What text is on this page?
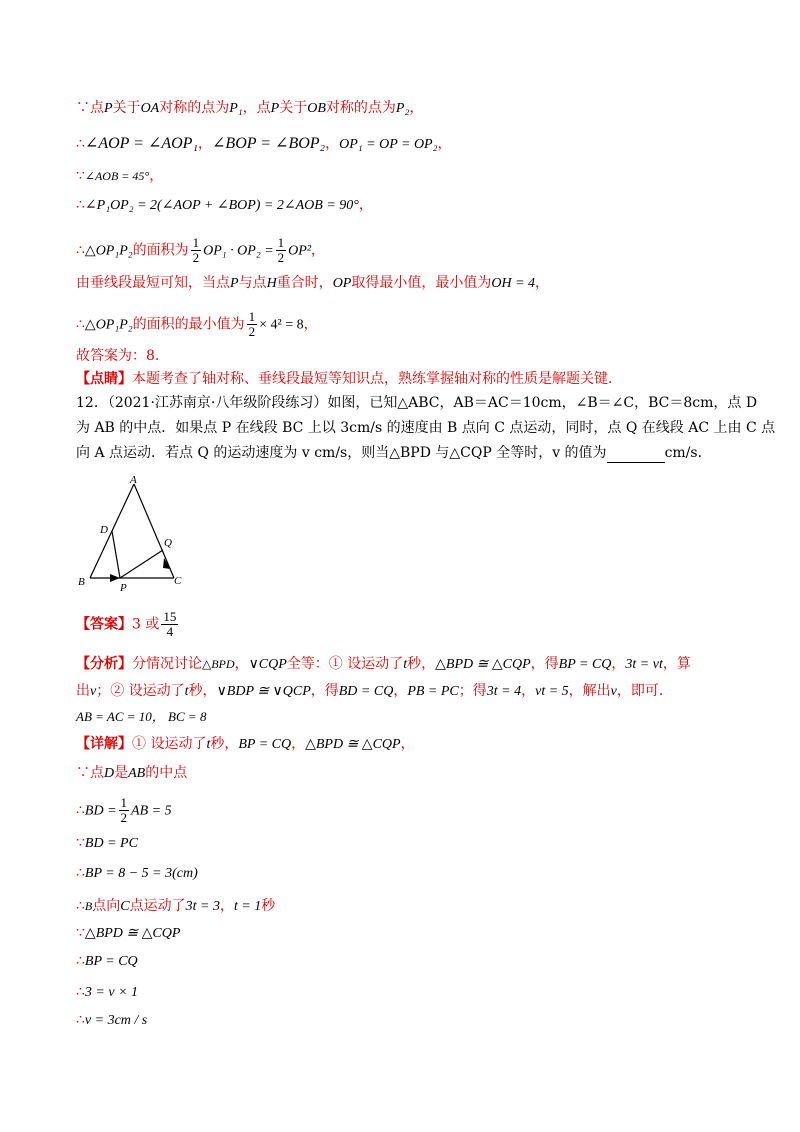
∵点P关于OA对称的点为P₁，点P关于OB对称的点为P₂，
∴∠AOP = ∠AOP₁，∠BOP = ∠BOP₂，OP₁ = OP = OP₂，
∵∠AOB = 45°，
∴∠P₁OP₂ = 2(∠AOP + ∠BOP) = 2∠AOB = 90°，
∴△OP₁P₂的面积为 $\frac{1}{2} OP_1 \cdot OP_2 = \frac{1}{2} OP^2$，
由垂线段最短可知，当点P与点H重合时，OP取得最小值，最小值为OH = 4，
∴△OP₁P₂的面积的最小值为 $\frac{1}{2} \times 4^2 = 8$，
故答案为：8.
【点睛】本题考查了轴对称、垂线段最短等知识点，熟练掌握轴对称的性质是解题关键．
12．（2021·江苏南京·八年级阶段练习）如图，已知△ABC，AB＝AC＝10cm，∠B＝∠C，BC＝8cm，点 D
为 AB 的中点．如果点 P 在线段 BC 上以 3cm/s 的速度由 B 点向 C 点运动，同时，点 Q 在线段 AC 上由 C 点
向 A 点运动．若点 Q 的运动速度为 v cm/s，则当△BPD 与△CQP 全等时，v 的值为	cm/s．
A
B	C
D
P
Q
【答案】3 或 $\frac{15}{4}$
【分析】分情况讨论△BPD，∨CQP全等：① 设运动了t秒，△BPD ≅ △CQP，得BP = CQ，3t = vt，算
出v；② 设运动了t秒，∨BDP ≅ ∨QCP，得BD = CQ，PB = PC；得3t = 4，vt = 5，解出v，即可．
AB = AC = 10， BC = 8
【详解】① 设运动了t秒，BP = CQ，△BPD ≅ △CQP，
∵点D是AB的中点
∴BD = $\frac{1}{2}$ AB = 5
∵BD = PC
∴BP = 8 − 5 = 3(cm)
∴B点向C点运动了3t = 3，t = 1秒
∵△BPD ≅ △CQP
∴BP = CQ
∴3 = v × 1
∴v = 3cm / s
